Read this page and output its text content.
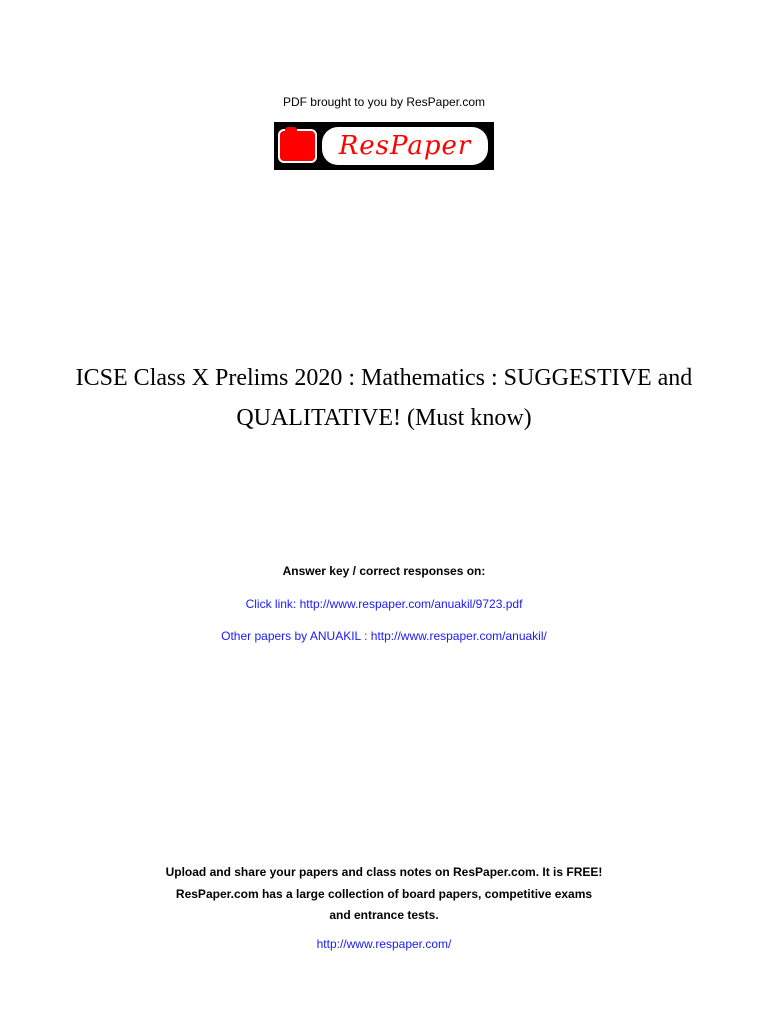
PDF brought to you by ResPaper.com
ResPaper
ICSE Class X Prelims 2020 : Mathematics : SUGGESTIVE and
QUALITATIVE! (Must know)
Answer key / correct responses on:
Click link: http://www.respaper.com/anuakil/9723.pdf
Other papers by ANUAKIL : http://www.respaper.com/anuakil/
Upload and share your papers and class notes on ResPaper.com. It is FREE!
ResPaper.com has a large collection of board papers, competitive exams
and entrance tests.
http://www.respaper.com/
